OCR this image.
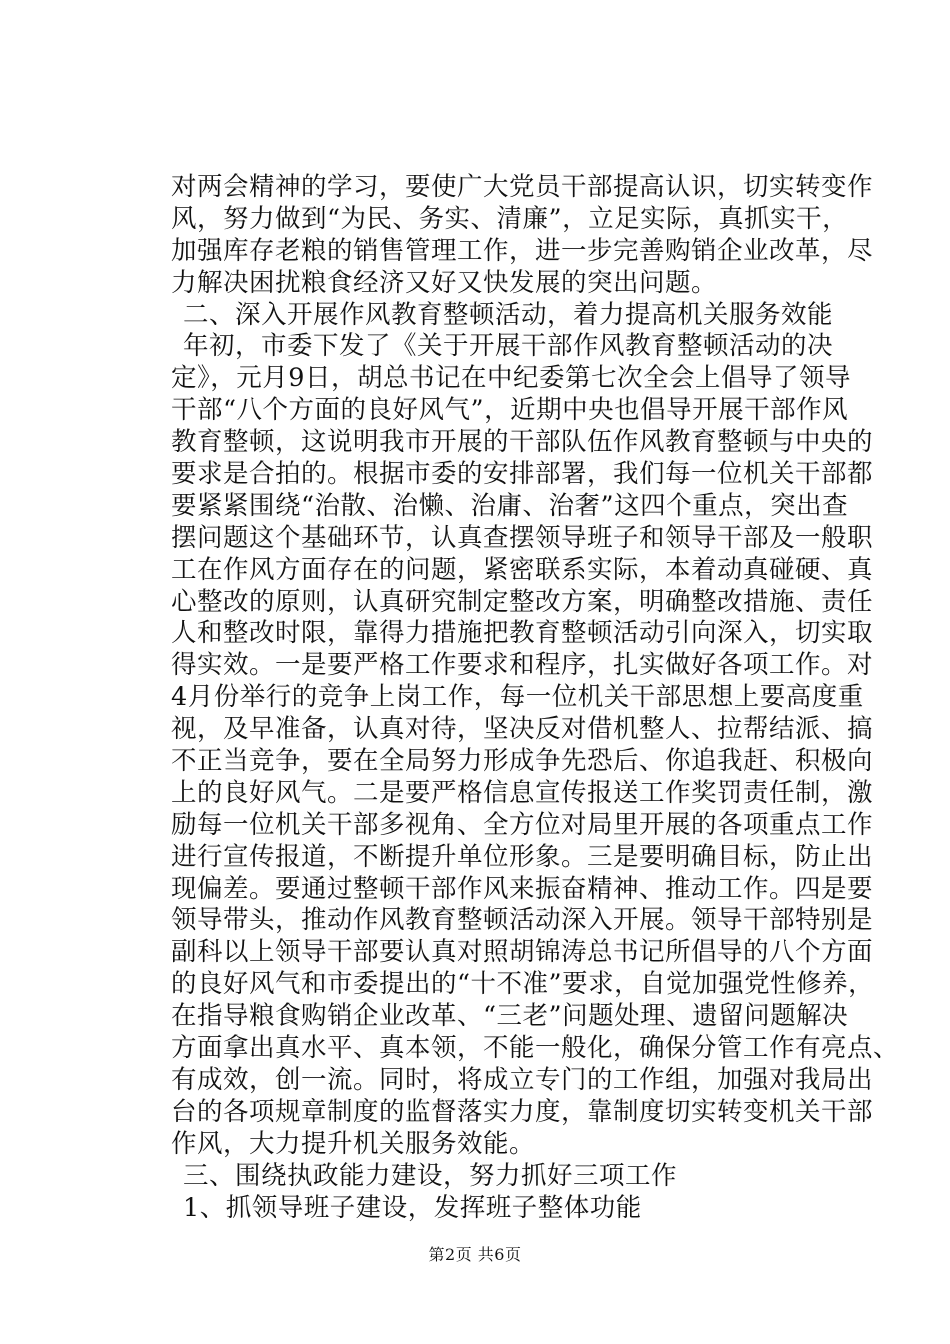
对两会精神的学习，要使广大党员干部提高认识，切实转变作
风，努力做到“为民、务实、清廉”，立足实际，真抓实干，
加强库存老粮的销售管理工作，进一步完善购销企业改革，尽
力解决困扰粮食经济又好又快发展的突出问题。
二、深入开展作风教育整顿活动，着力提高机关服务效能
年初，市委下发了《关于开展干部作风教育整顿活动的决
定》，元月9日，胡总书记在中纪委第七次全会上倡导了领导
干部“八个方面的良好风气”，近期中央也倡导开展干部作风
教育整顿，这说明我市开展的干部队伍作风教育整顿与中央的
要求是合拍的。根据市委的安排部署，我们每一位机关干部都
要紧紧围绕“治散、治懒、治庸、治奢”这四个重点，突出查
摆问题这个基础环节，认真查摆领导班子和领导干部及一般职
工在作风方面存在的问题，紧密联系实际，本着动真碰硬、真
心整改的原则，认真研究制定整改方案，明确整改措施、责任
人和整改时限，靠得力措施把教育整顿活动引向深入，切实取
得实效。一是要严格工作要求和程序，扎实做好各项工作。对
4月份举行的竞争上岗工作，每一位机关干部思想上要高度重
视，及早准备，认真对待，坚决反对借机整人、拉帮结派、搞
不正当竞争，要在全局努力形成争先恐后、你追我赶、积极向
上的良好风气。二是要严格信息宣传报送工作奖罚责任制，激
励每一位机关干部多视角、全方位对局里开展的各项重点工作
进行宣传报道，不断提升单位形象。三是要明确目标，防止出
现偏差。要通过整顿干部作风来振奋精神、推动工作。四是要
领导带头，推动作风教育整顿活动深入开展。领导干部特别是
副科以上领导干部要认真对照胡锦涛总书记所倡导的八个方面
的良好风气和市委提出的“十不准”要求，自觉加强党性修养，
在指导粮食购销企业改革、“三老”问题处理、遗留问题解决
方面拿出真水平、真本领，不能一般化，确保分管工作有亮点、
有成效，创一流。同时，将成立专门的工作组，加强对我局出
台的各项规章制度的监督落实力度，靠制度切实转变机关干部
作风，大力提升机关服务效能。
三、围绕执政能力建设，努力抓好三项工作
1、抓领导班子建设，发挥班子整体功能
第2页 共6页
